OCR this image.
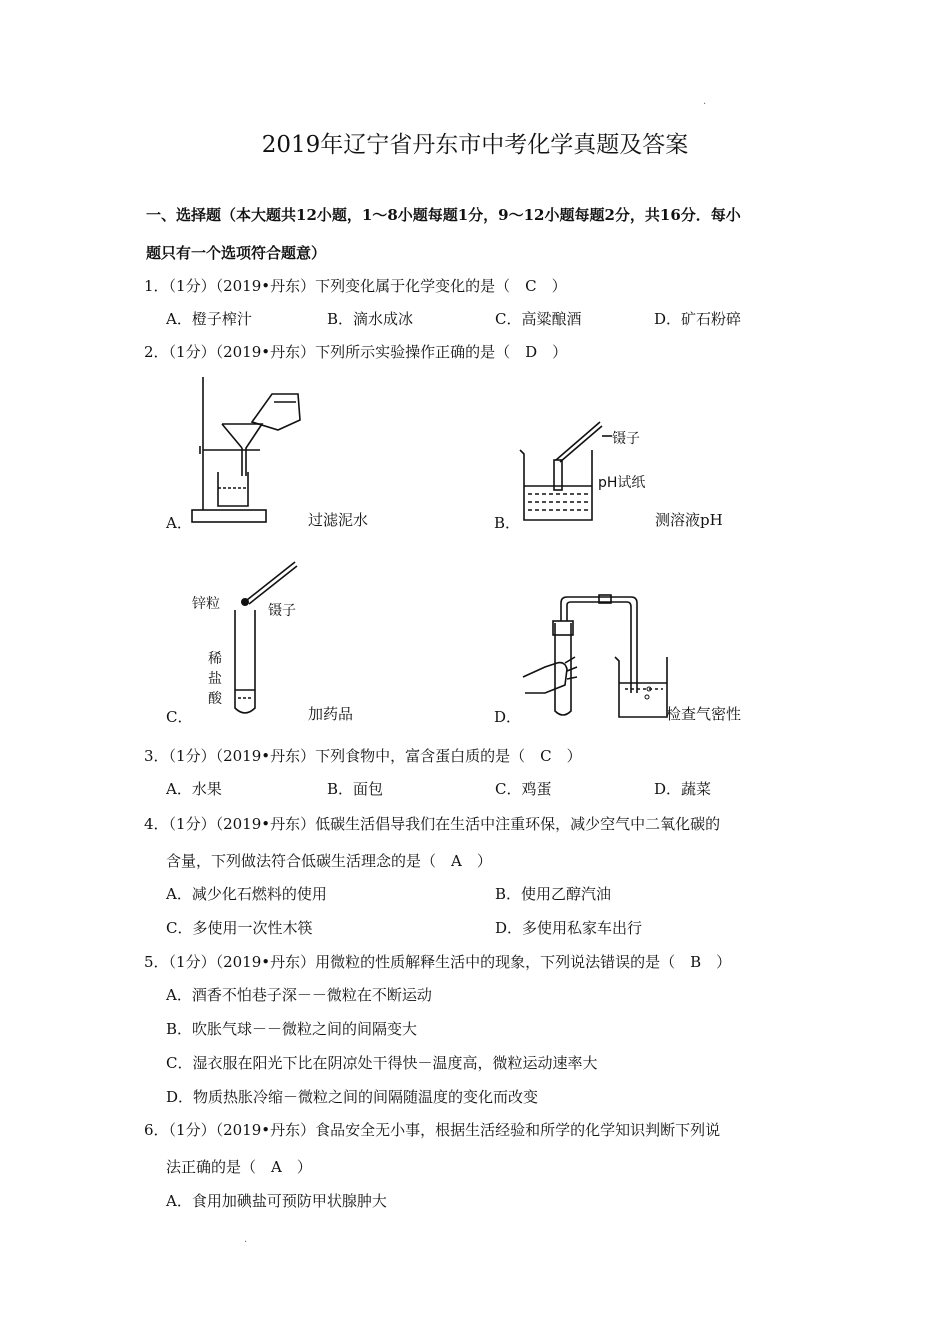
.
2019年辽宁省丹东市中考化学真题及答案
一、选择题（本大题共12小题，1～8小题每题1分，9～12小题每题2分，共16分．每小
题只有一个选项符合题意）
1．（1分）（2019•丹东）下列变化属于化学变化的是（　C　）
A．橙子榨汁	B．滴水成冰	C．高粱酿酒	D．矿石粉碎
2．（1分）（2019•丹东）下列所示实验操作正确的是（　D　）
A．	过滤泥水
镊子
pH试纸
B．	测溶液pH
锌粒	镊子
稀
盐
酸
C．	加药品	D．	检查气密性
3．（1分）（2019•丹东）下列食物中，富含蛋白质的是（　C　）
A．水果	B．面包	C．鸡蛋	D．蔬菜
4．（1分）（2019•丹东）低碳生活倡导我们在生活中注重环保，减少空气中二氧化碳的
含量，下列做法符合低碳生活理念的是（　A　）
A．减少化石燃料的使用	B．使用乙醇汽油
C．多使用一次性木筷	D．多使用私家车出行
5．（1分）（2019•丹东）用微粒的性质解释生活中的现象，下列说法错误的是（　B　）
A．酒香不怕巷子深－－微粒在不断运动
B．吹胀气球－－微粒之间的间隔变大
C．湿衣服在阳光下比在阴凉处干得快－温度高，微粒运动速率大
D．物质热胀冷缩－微粒之间的间隔随温度的变化而改变
6．（1分）（2019•丹东）食品安全无小事，根据生活经验和所学的化学知识判断下列说
法正确的是（　A　）
A．食用加碘盐可预防甲状腺肿大
.
